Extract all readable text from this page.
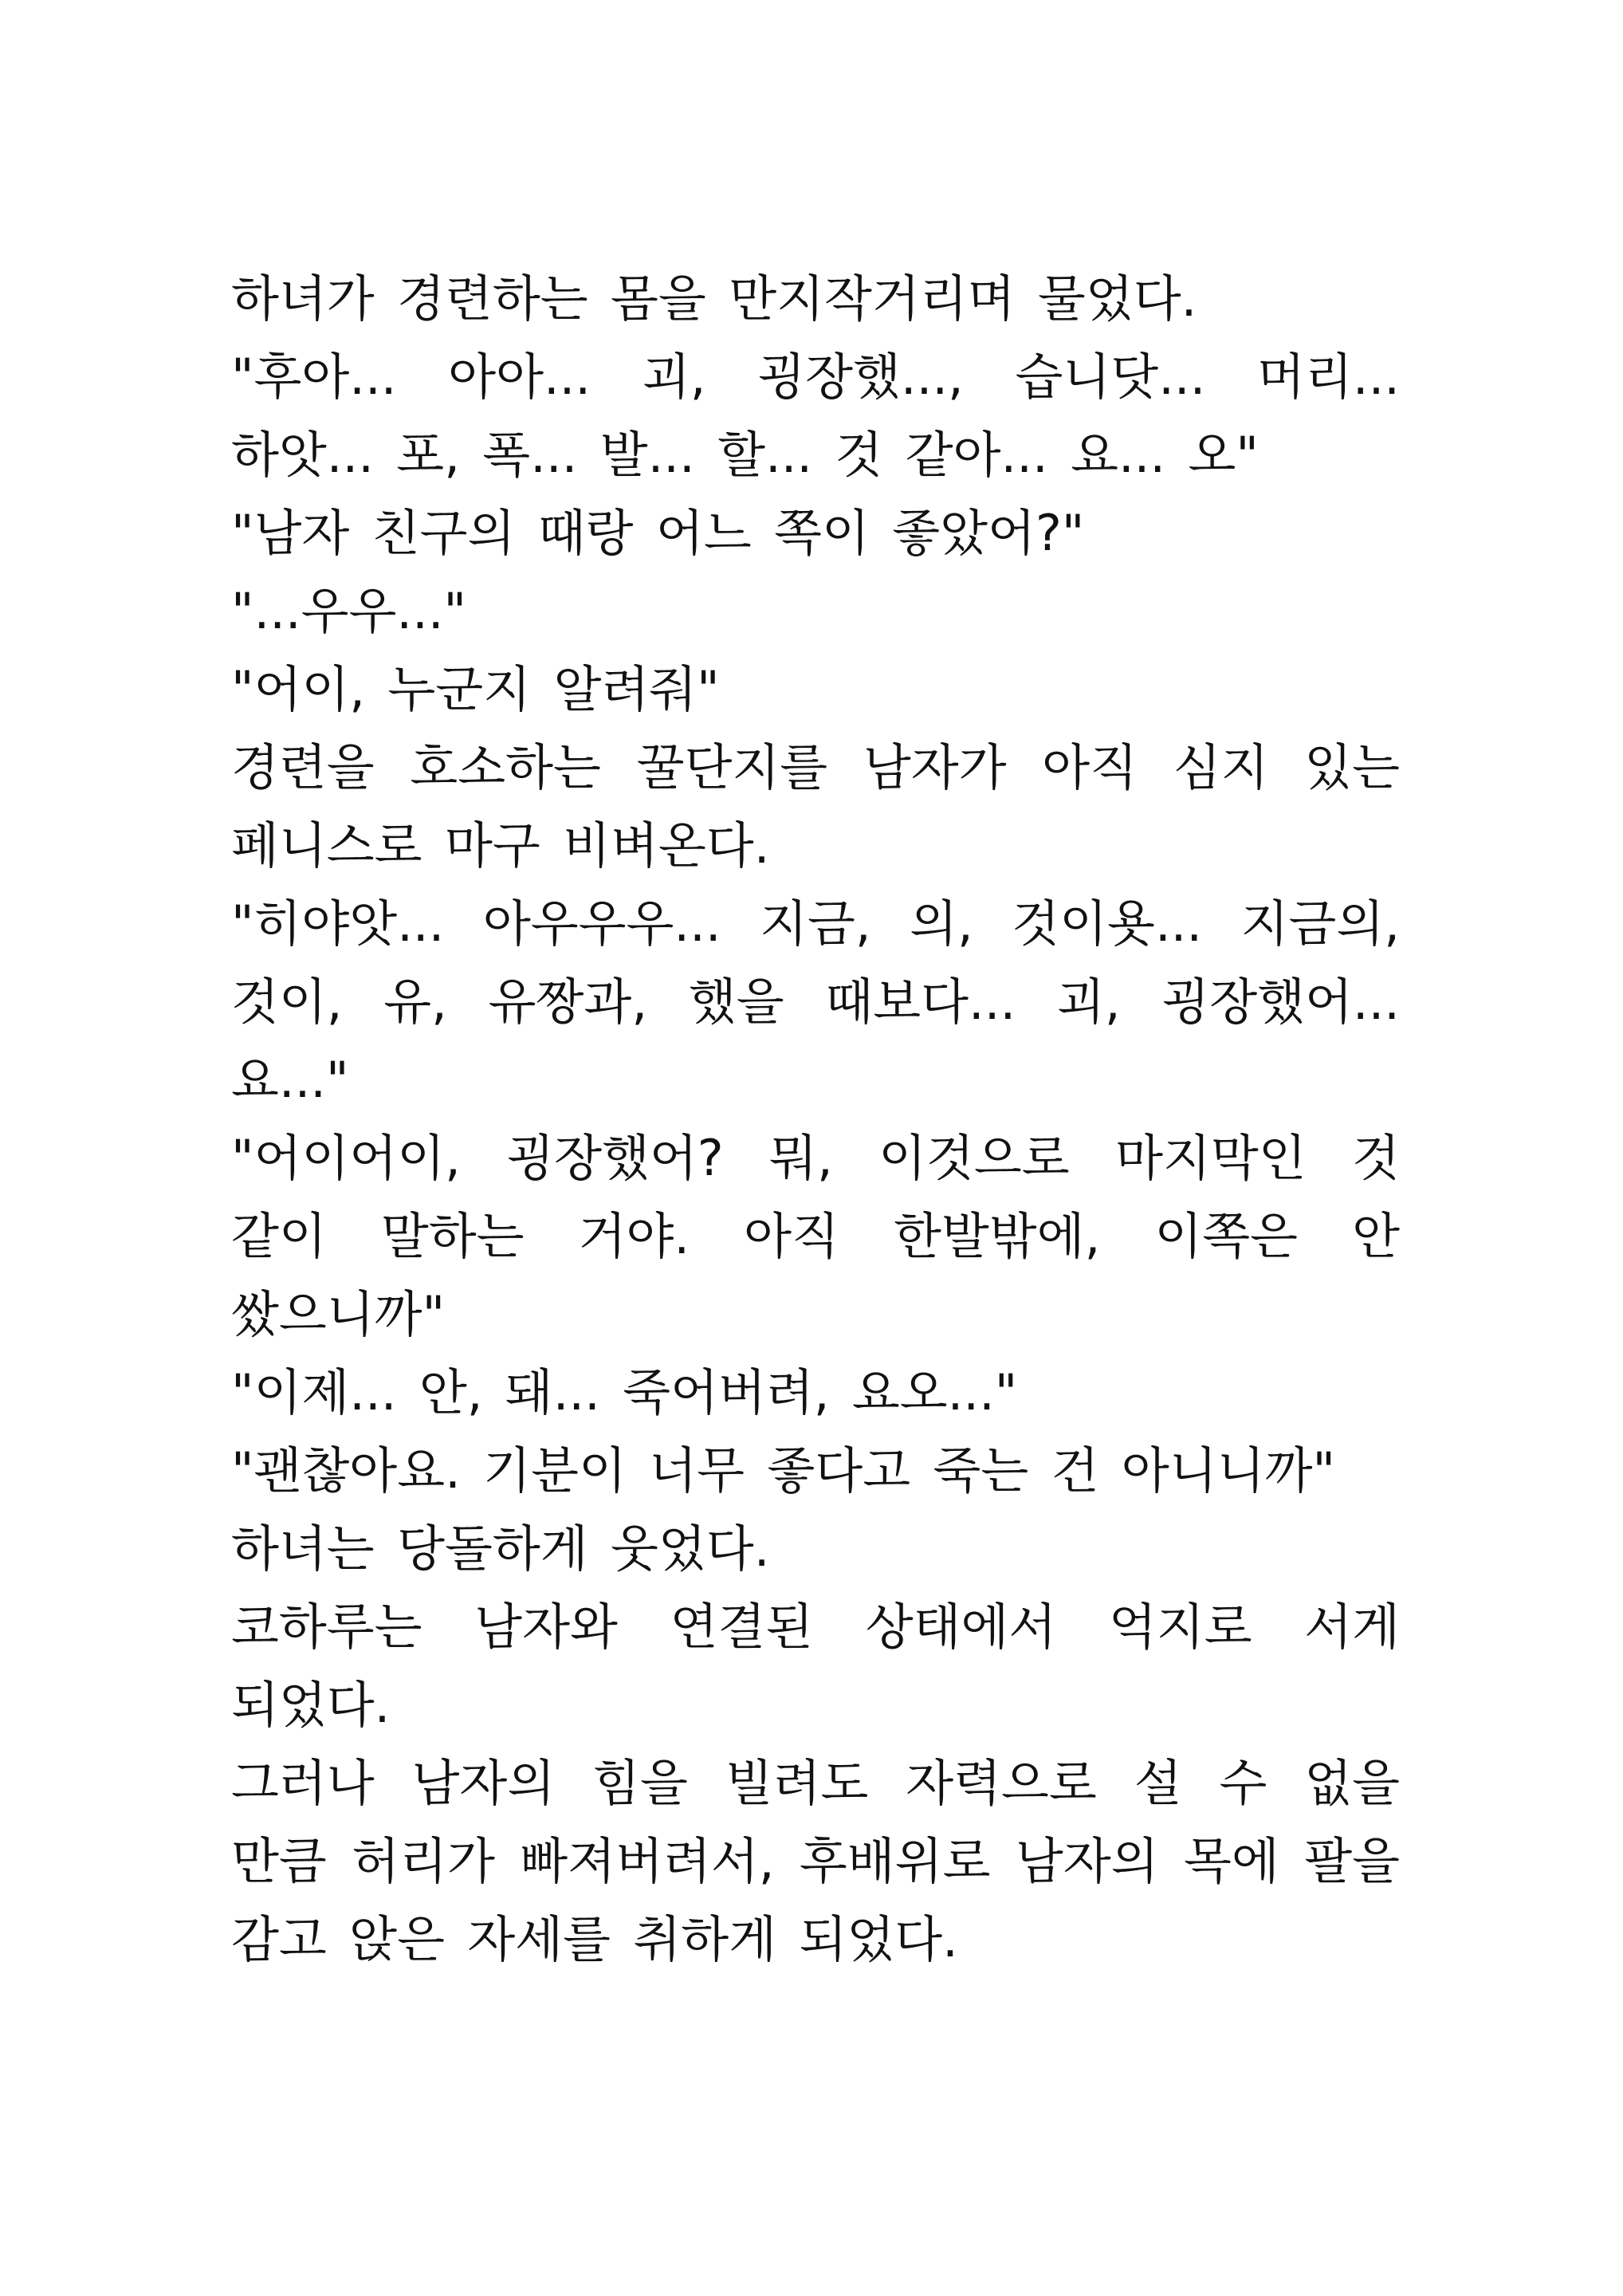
하녀가 경련하는 몸을 만지작거리며 물었다.

"후아... 아아... 괴, 굉장했..., 습니닷... 머리... 하앗... 포, 폭... 발... 할... 것 같아... 요... 오"

"남자 친구의 때랑 어느 쪽이 좋았어?"

"...우우..."

"어이, 누군지 알려줘"

경련을 호소하는 꿀단지를 남자가 아직 심지 있는 페니스로 마구 비벼온다.

"히야앗... 아우우우... 지금, 의, 것이욧... 지금의, 것이, 유, 유짱과, 했을 때보다... 괴, 굉장했어... 요..."

"어이어이, 굉장했어? 뭐, 이것으로 마지막인 것 같이 말하는 거야. 아직 한발밖에, 이쪽은 안 쌌으니까"

"이제... 안, 돼... 죽어버려, 요오..."

"괜찮아요. 기분이 너무 좋다고 죽는 건 아니니까"

하녀는 당돌하게 웃었다.

코하루는 남자와 연결된 상태에서 억지로 서게 되었다.

그러나 남자의 힘을 빌려도 자력으로 설 수 없을 만큼 허리가 빠져버려서, 후배위로 남자의 목에 팔을 감고 앉은 자세를 취하게 되었다.
